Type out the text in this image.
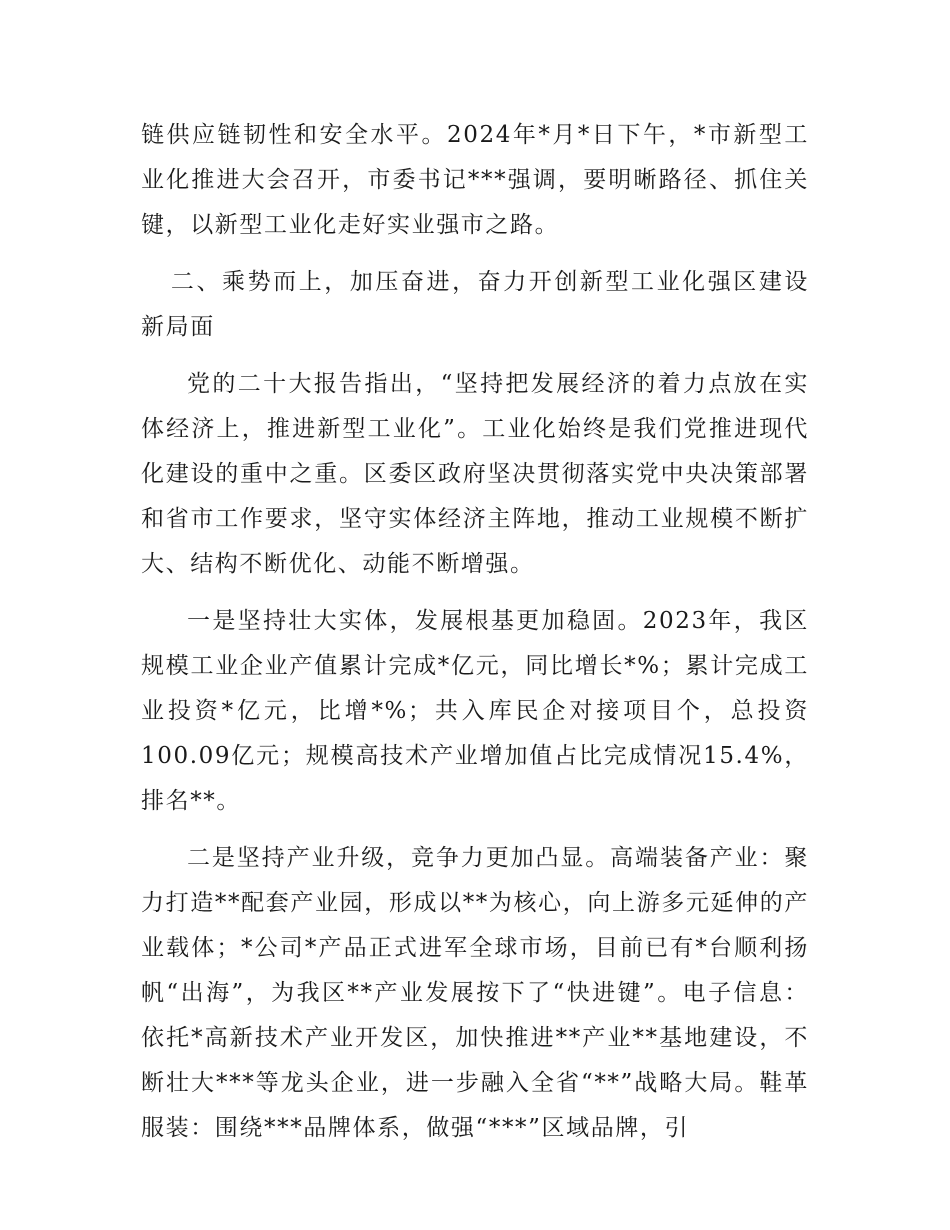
链供应链韧性和安全水平。2024年*月*日下午，*市新型工业化推进大会召开，市委书记***强调，要明晰路径、抓住关键，以新型工业化走好实业强市之路。

二、乘势而上，加压奋进，奋力开创新型工业化强区建设新局面

党的二十大报告指出，“坚持把发展经济的着力点放在实体经济上，推进新型工业化”。工业化始终是我们党推进现代化建设的重中之重。区委区政府坚决贯彻落实党中央决策部署和省市工作要求，坚守实体经济主阵地，推动工业规模不断扩大、结构不断优化、动能不断增强。

一是坚持壮大实体，发展根基更加稳固。2023年，我区规模工业企业产值累计完成*亿元，同比增长*%；累计完成工业投资*亿元，比增*%；共入库民企对接项目个，总投资100.09亿元；规模高技术产业增加值占比完成情况15.4%，排名**。

二是坚持产业升级，竞争力更加凸显。高端装备产业：聚力打造**配套产业园，形成以**为核心，向上游多元延伸的产业载体；*公司*产品正式进军全球市场，目前已有*台顺利扬帆“出海”，为我区**产业发展按下了“快进键”。电子信息：依托*高新技术产业开发区，加快推进**产业**基地建设，不断壮大***等龙头企业，进一步融入全省“**”战略大局。鞋革服装：围绕***品牌体系，做强“***”区域品牌，引
